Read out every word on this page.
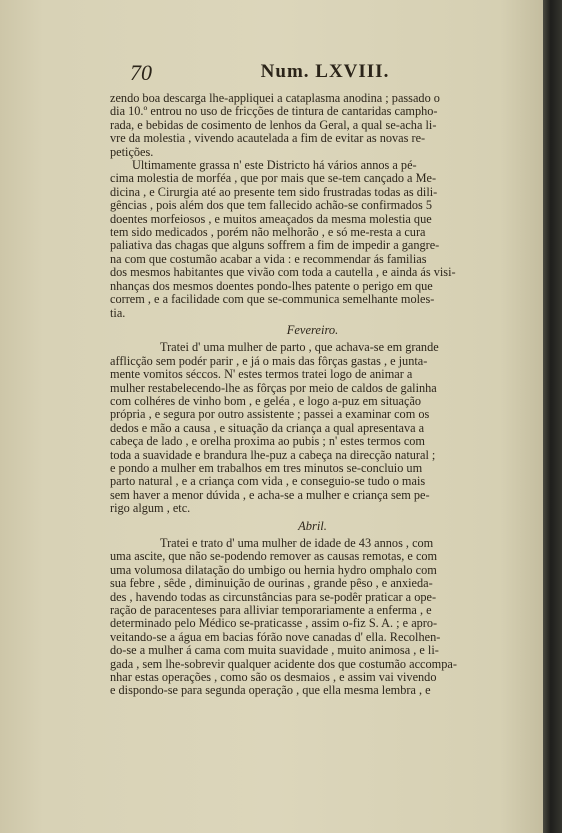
70	Num. LXVIII.

zendo boa descarga lhe-appliquei a cataplasma anodina ; passado o
dia 10.º entrou no uso de fricções de tintura de cantaridas campho-
rada, e bebidas de cosimento de lenhos da Geral, a qual se-acha li-
vre da molestia , vivendo acautelada a fim de evitar as novas re-
petições.

Ultimamente grassa n' este Districto há vários annos a pé-
cima molestia de morféa , que por mais que se-tem cançado a Me-
dicina , e Cirurgia até ao presente tem sido frustradas todas as dili-
gências , pois além dos que tem fallecido achão-se confirmados 5
doentes morfeiosos , e muitos ameaçados da mesma molestia que
tem sido medicados , porém não melhorão , e só me-resta a cura
paliativa das chagas que alguns soffrem a fim de impedir a gangre-
na com que costumão acabar a vida : e recommendar ás familias
dos mesmos habitantes que vivão com toda a cautella , e ainda ás visi-
nhanças dos mesmos doentes pondo-lhes patente o perigo em que
correm , e a facilidade com que se-communica semelhante moles-
tia.

Fevereiro.

Tratei d' uma mulher de parto , que achava-se em grande
afflicção sem podér parir , e já o mais das fôrças gastas , e junta-
mente vomitos séccos. N' estes termos tratei logo de animar a
mulher restabelecendo-lhe as fôrças por meio de caldos de galinha
com colhéres de vinho bom , e geléa , e logo a-puz em situação
própria , e segura por outro assistente ; passei a examinar com os
dedos e mão a causa , e situação da criança a qual apresentava a
cabeça de lado , e orelha proxima ao pubis ; n' estes termos com
toda a suavidade e brandura lhe-puz a cabeça na direcção natural ;
e pondo a mulher em trabalhos em tres minutos se-concluio um
parto natural , e a criança com vida , e conseguio-se tudo o mais
sem haver a menor dúvida , e acha-se a mulher e criança sem pe-
rigo algum , etc.

Abril.

Tratei e trato d' uma mulher de idade de 43 annos , com
uma ascite, que não se-podendo remover as causas remotas, e com
uma volumosa dilatação do umbigo ou hernia hydro omphalo com
sua febre , sêde , diminuição de ourinas , grande pêso , e anxieda-
des , havendo todas as circunstâncias para se-podêr praticar a ope-
ração de paracenteses para alliviar temporariamente a enferma , e
determinado pelo Médico se-praticasse , assim o-fiz S. A. ; e apro-
veitando-se a água em bacias fórão nove canadas d' ella. Recolhen-
do-se a mulher á cama com muita suavidade , muito animosa , e li-
gada , sem lhe-sobrevir qualquer acidente dos que costumão accompa-
nhar estas operações , como são os desmaios , e assim vai vivendo
e dispondo-se para segunda operação , que ella mesma lembra , e
